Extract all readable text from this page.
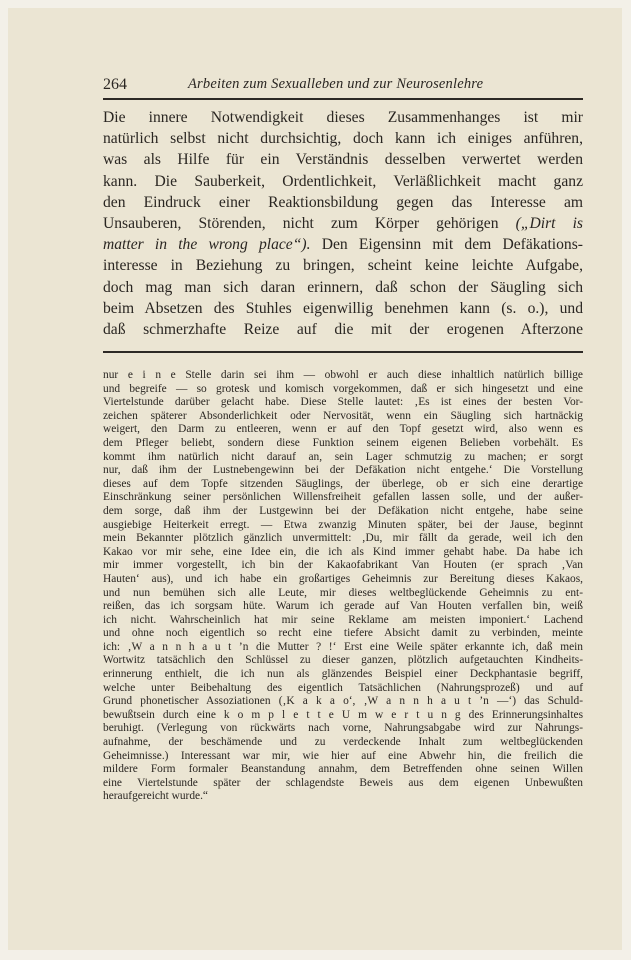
264	Arbeiten zum Sexualleben und zur Neurosenlehre
Die innere Notwendigkeit dieses Zusammenhanges ist mir
natürlich selbst nicht durchsichtig, doch kann ich einiges anführen,
was als Hilfe für ein Verständnis desselben verwertet werden
kann. Die Sauberkeit, Ordentlichkeit, Verläßlichkeit macht ganz
den Eindruck einer Reaktionsbildung gegen das Interesse am
Unsauberen, Störenden, nicht zum Körper gehörigen („Dirt is
matter in the wrong place“). Den Eigensinn mit dem Defäkations-
interesse in Beziehung zu bringen, scheint keine leichte Aufgabe,
doch mag man sich daran erinnern, daß schon der Säugling sich
beim Absetzen des Stuhles eigenwillig benehmen kann (s. o.), und
daß schmerzhafte Reize auf die mit der erogenen Afterzone
nur e i n e Stelle darin sei ihm — obwohl er auch diese inhaltlich natürlich billige
und begreife — so grotesk und komisch vorgekommen, daß er sich hingesetzt und eine
Viertelstunde darüber gelacht habe. Diese Stelle lautet: ‚Es ist eines der besten Vor-
zeichen späterer Absonderlichkeit oder Nervosität, wenn ein Säugling sich hartnäckig
weigert, den Darm zu entleeren, wenn er auf den Topf gesetzt wird, also wenn es
dem Pfleger beliebt, sondern diese Funktion seinem eigenen Belieben vorbehält. Es
kommt ihm natürlich nicht darauf an, sein Lager schmutzig zu machen; er sorgt
nur, daß ihm der Lustnebengewinn bei der Defäkation nicht entgehe.‘ Die Vorstellung
dieses auf dem Topfe sitzenden Säuglings, der überlege, ob er sich eine derartige
Einschränkung seiner persönlichen Willensfreiheit gefallen lassen solle, und der außer-
dem sorge, daß ihm der Lustgewinn bei der Defäkation nicht entgehe, habe seine
ausgiebige Heiterkeit erregt. — Etwa zwanzig Minuten später, bei der Jause, beginnt
mein Bekannter plötzlich gänzlich unvermittelt: ‚Du, mir fällt da gerade, weil ich den
Kakao vor mir sehe, eine Idee ein, die ich als Kind immer gehabt habe. Da habe ich
mir immer vorgestellt, ich bin der Kakaofabrikant Van Houten (er sprach ‚Van
Hauten‘ aus), und ich habe ein großartiges Geheimnis zur Bereitung dieses Kakaos,
und nun bemühen sich alle Leute, mir dieses weltbeglückende Geheimnis zu ent-
reißen, das ich sorgsam hüte. Warum ich gerade auf Van Houten verfallen bin, weiß
ich nicht. Wahrscheinlich hat mir seine Reklame am meisten imponiert.‘ Lachend
und ohne noch eigentlich so recht eine tiefere Absicht damit zu verbinden, meinte
ich: ‚W a n n h a u t ’n die Mutter ? !‘ Erst eine Weile später erkannte ich, daß mein
Wortwitz tatsächlich den Schlüssel zu dieser ganzen, plötzlich aufgetauchten Kindheits-
erinnerung enthielt, die ich nun als glänzendes Beispiel einer Deckphantasie begriff,
welche unter Beibehaltung des eigentlich Tatsächlichen (Nahrungsprozeß) und auf
Grund phonetischer Assoziationen (‚K a k a o‘, ‚W a n n h a u t ’n —‘) das Schuld-
bewußtsein durch eine k o m p l e t t e U m w e r t u n g des Erinnerungsinhaltes
beruhigt. (Verlegung von rückwärts nach vorne, Nahrungsabgabe wird zur Nahrungs-
aufnahme, der beschämende und zu verdeckende Inhalt zum weltbeglückenden
Geheimnisse.) Interessant war mir, wie hier auf eine Abwehr hin, die freilich die
mildere Form formaler Beanstandung annahm, dem Betreffenden ohne seinen Willen
eine Viertelstunde später der schlagendste Beweis aus dem eigenen Unbewußten
heraufgereicht wurde.“
